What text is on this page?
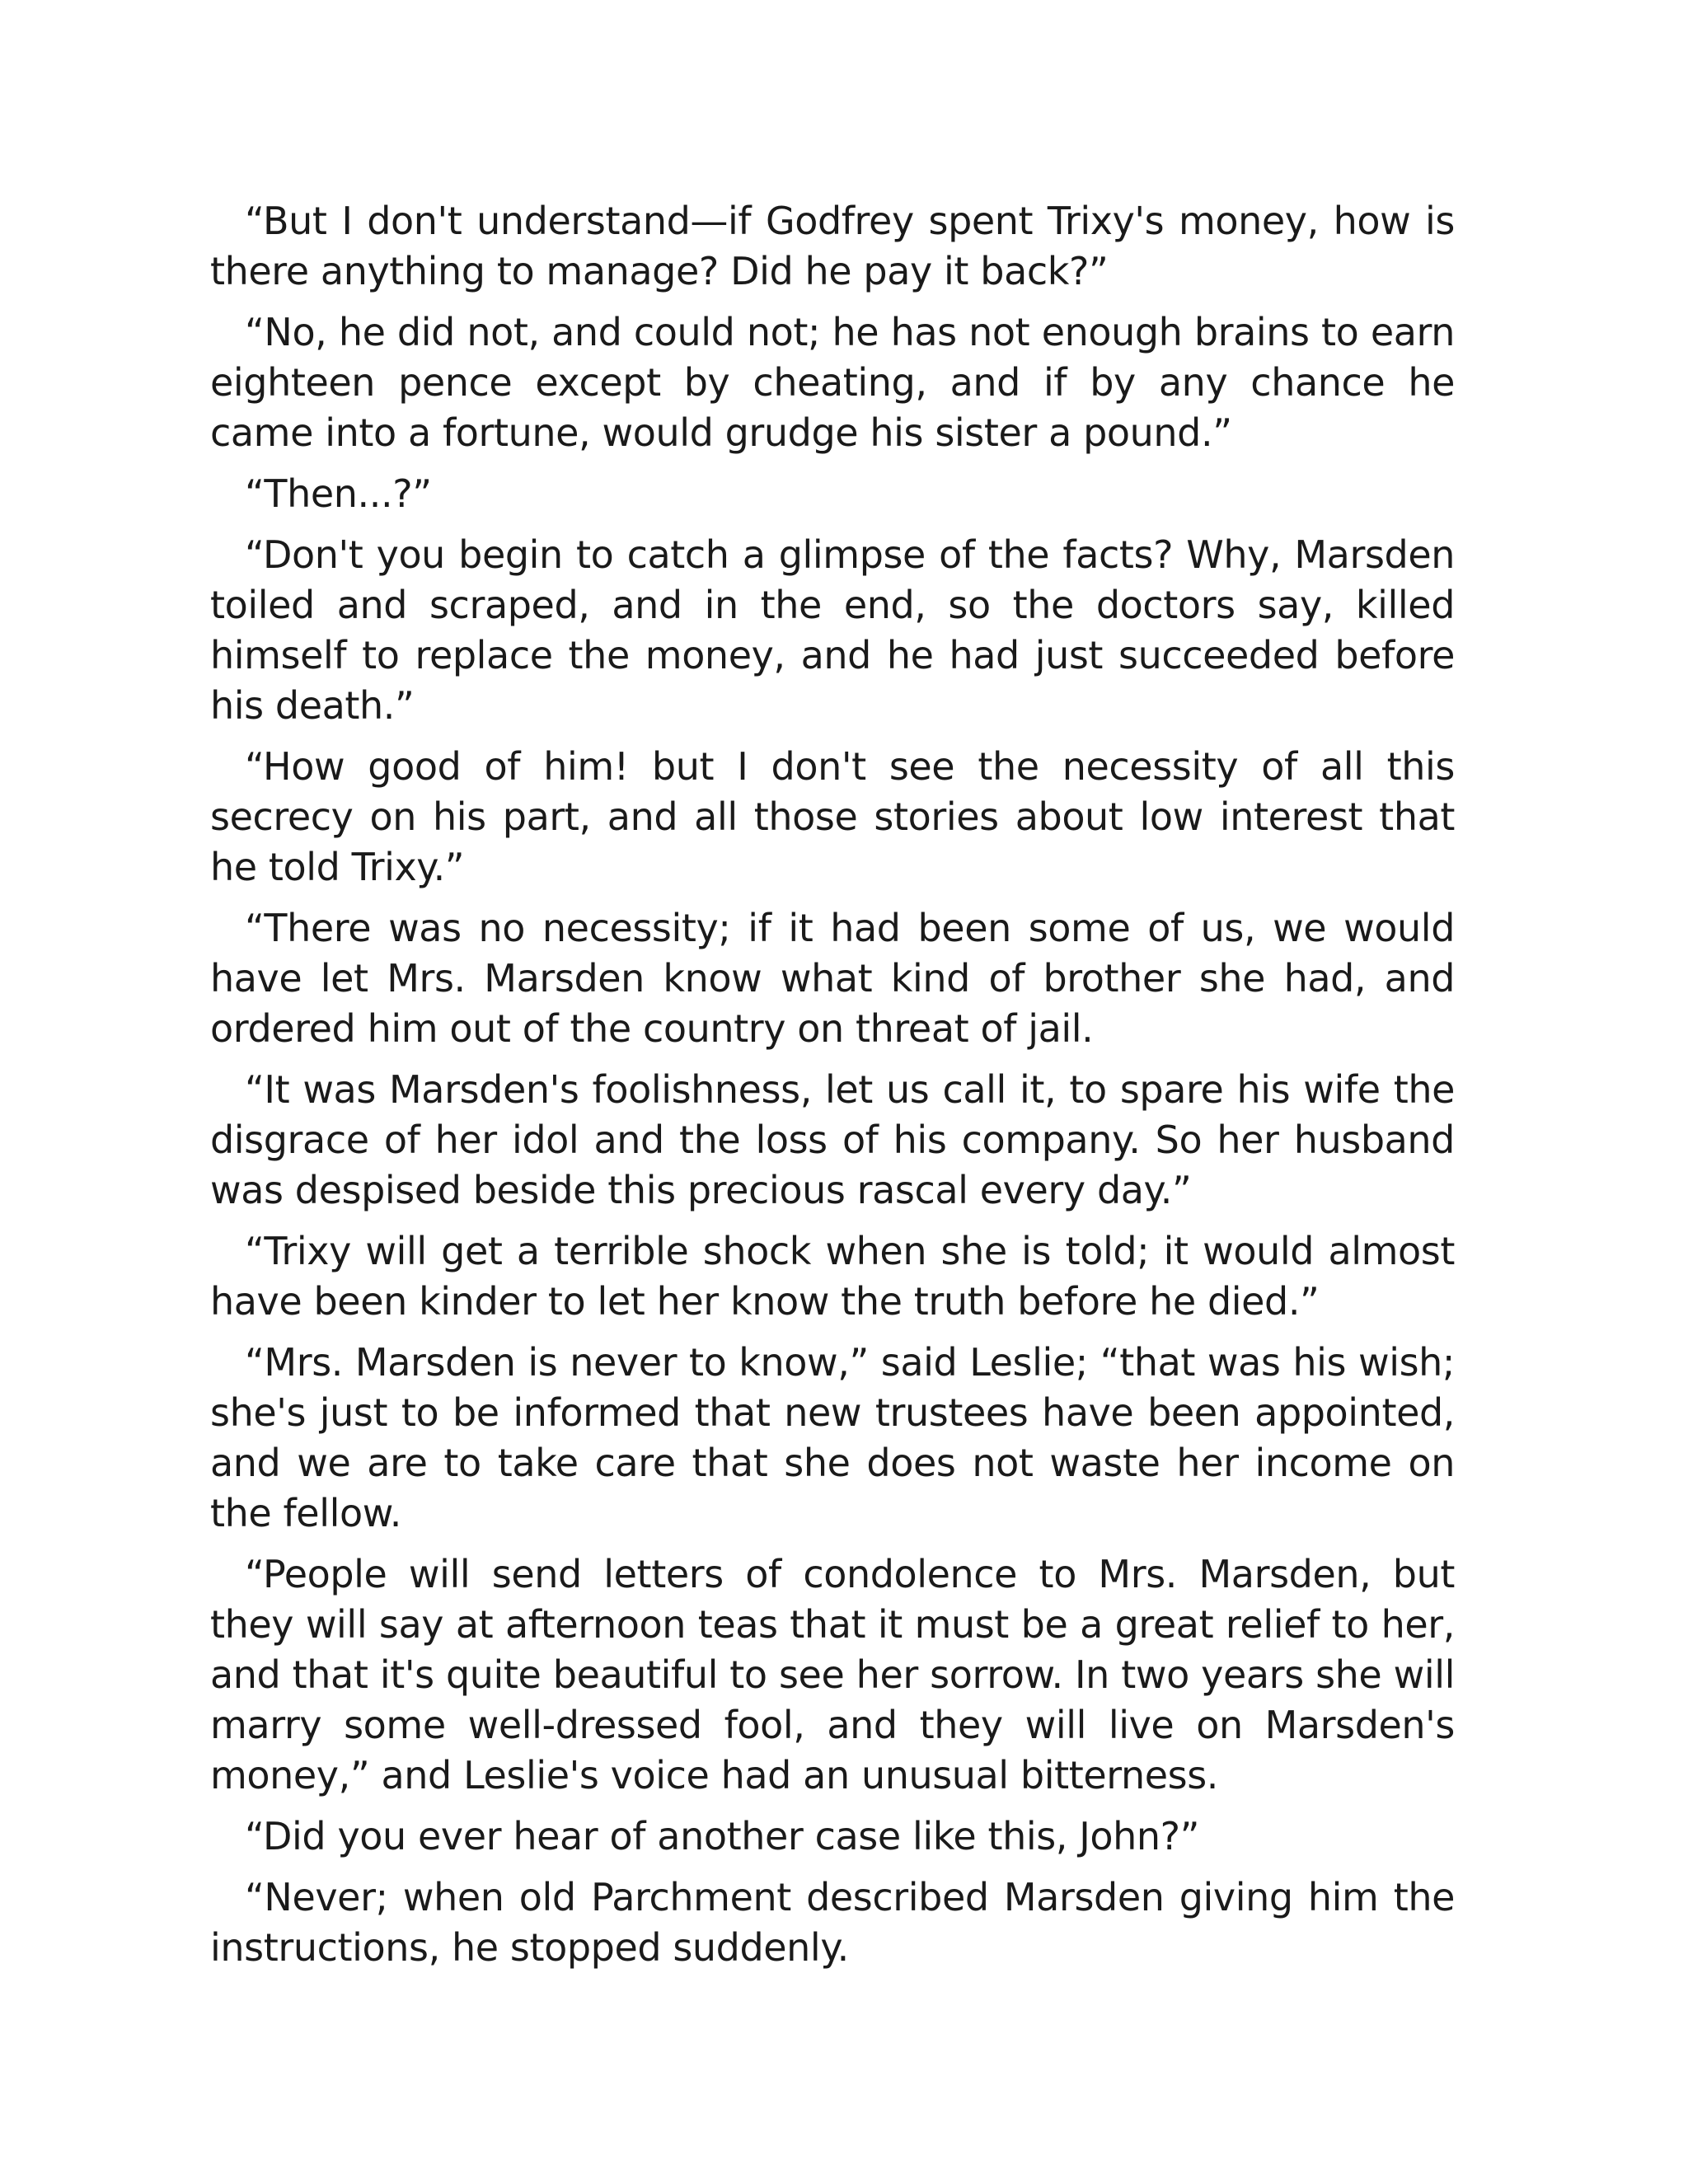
“But I don't understand—if Godfrey spent Trixy's money, how is there anything to manage? Did he pay it back?”

“No, he did not, and could not; he has not enough brains to earn eighteen pence except by cheating, and if by any chance he came into a fortune, would grudge his sister a pound.”

“Then...?”

“Don't you begin to catch a glimpse of the facts? Why, Marsden toiled and scraped, and in the end, so the doctors say, killed himself to replace the money, and he had just succeeded before his death.”

“How good of him! but I don't see the necessity of all this secrecy on his part, and all those stories about low interest that he told Trixy.”

“There was no necessity; if it had been some of us, we would have let Mrs. Marsden know what kind of brother she had, and ordered him out of the country on threat of jail.

“It was Marsden's foolishness, let us call it, to spare his wife the disgrace of her idol and the loss of his company. So her husband was despised beside this precious rascal every day.”

“Trixy will get a terrible shock when she is told; it would almost have been kinder to let her know the truth before he died.”

“Mrs. Marsden is never to know,” said Leslie; “that was his wish; she's just to be informed that new trustees have been appointed, and we are to take care that she does not waste her income on the fellow.

“People will send letters of condolence to Mrs. Marsden, but they will say at afternoon teas that it must be a great relief to her, and that it's quite beautiful to see her sorrow. In two years she will marry some well-dressed fool, and they will live on Marsden's money,” and Leslie's voice had an unusual bitterness.

“Did you ever hear of another case like this, John?”

“Never; when old Parchment described Marsden giving him the instructions, he stopped suddenly.
